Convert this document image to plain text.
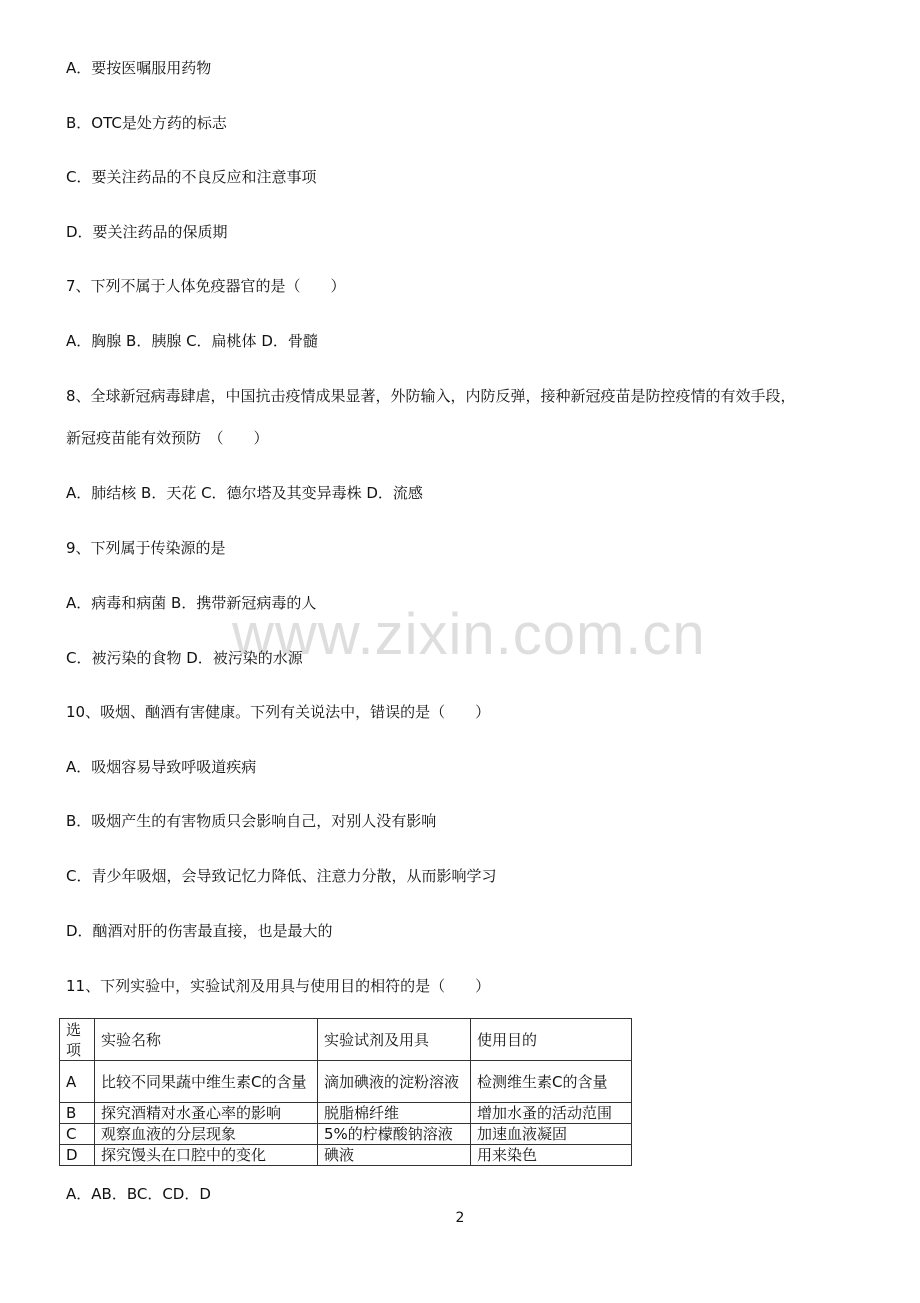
www.zixin.com.cn
A．要按医嘱服用药物
B．OTC是处方药的标志
C．要关注药品的不良反应和注意事项
D．要关注药品的保质期
7、下列不属于人体免疫器官的是（　　）
A．胸腺 B．胰腺 C．扁桃体 D．骨髓
8、全球新冠病毒肆虐，中国抗击疫情成果显著，外防输入，内防反弹，接种新冠疫苗是防控疫情的有效手段，
新冠疫苗能有效预防　（　　）
A．肺结核 B．天花 C．德尔塔及其变异毒株 D．流感
9、下列属于传染源的是
A．病毒和病菌 B．携带新冠病毒的人
C．被污染的食物 D．被污染的水源
10、吸烟、酗酒有害健康。下列有关说法中，错误的是（　　）
A．吸烟容易导致呼吸道疾病
B．吸烟产生的有害物质只会影响自己，对别人没有影响
C．青少年吸烟，会导致记忆力降低、注意力分散，从而影响学习
D．酗酒对肝的伤害最直接，也是最大的
11、下列实验中，实验试剂及用具与使用目的相符的是（　　）
选项	实验名称	实验试剂及用具	使用目的
A	比较不同果蔬中维生素C的含量	滴加碘液的淀粉溶液	检测维生素C的含量
B	探究酒精对水蚤心率的影响	脱脂棉纤维	增加水蚤的活动范围
C	观察血液的分层现象	5%的柠檬酸钠溶液	加速血液凝固
D	探究馒头在口腔中的变化	碘液	用来染色
A．AB．BC．CD．D
2
